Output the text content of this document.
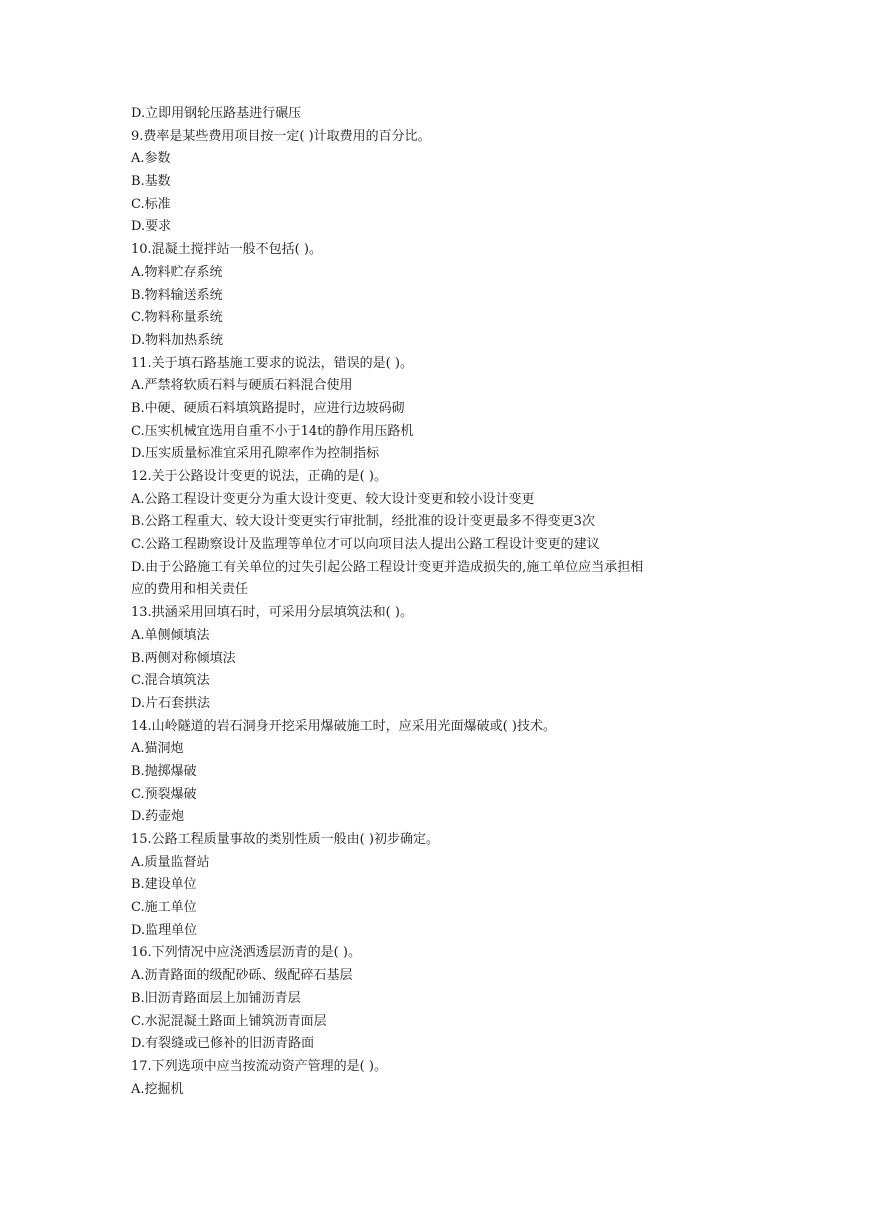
D.立即用钢轮压路基进行碾压
9.费率是某些费用项目按一定( )计取费用的百分比。
A.参数
B.基数
C.标准
D.要求
10.混凝土搅拌站一般不包括( )。
A.物料贮存系统
B.物料输送系统
C.物料称量系统
D.物料加热系统
11.关于填石路基施工要求的说法，错误的是( )。
A.严禁将软质石料与硬质石料混合使用
B.中硬、硬质石料填筑路提时，应进行边坡码砌
C.压实机械宜选用自重不小于14t的静作用压路机
D.压实质量标准宜采用孔隙率作为控制指标
12.关于公路设计变更的说法，正确的是( )。
A.公路工程设计变更分为重大设计变更、较大设计变更和较小设计变更
B.公路工程重大、较大设计变更实行审批制，经批准的设计变更最多不得变更3次
C.公路工程勘察设计及监理等单位才可以向项目法人提出公路工程设计变更的建议
D.由于公路施工有关单位的过失引起公路工程设计变更并造成损失的,施工单位应当承担相
应的费用和相关责任
13.拱涵采用回填石时，可采用分层填筑法和( )。
A.单侧倾填法
B.两侧对称倾填法
C.混合填筑法
D.片石套拱法
14.山岭隧道的岩石洞身开挖采用爆破施工时，应采用光面爆破或( )技术。
A.猫洞炮
B.抛掷爆破
C.预裂爆破
D.药壶炮
15.公路工程质量事故的类别性质一般由( )初步确定。
A.质量监督站
B.建设单位
C.施工单位
D.监理单位
16.下列情况中应浇洒透层沥青的是( )。
A.沥青路面的级配砂砾、级配碎石基层
B.旧沥青路面层上加铺沥青层
C.水泥混凝土路面上铺筑沥青面层
D.有裂缝或已修补的旧沥青路面
17.下列选项中应当按流动资产管理的是( )。
A.挖掘机
